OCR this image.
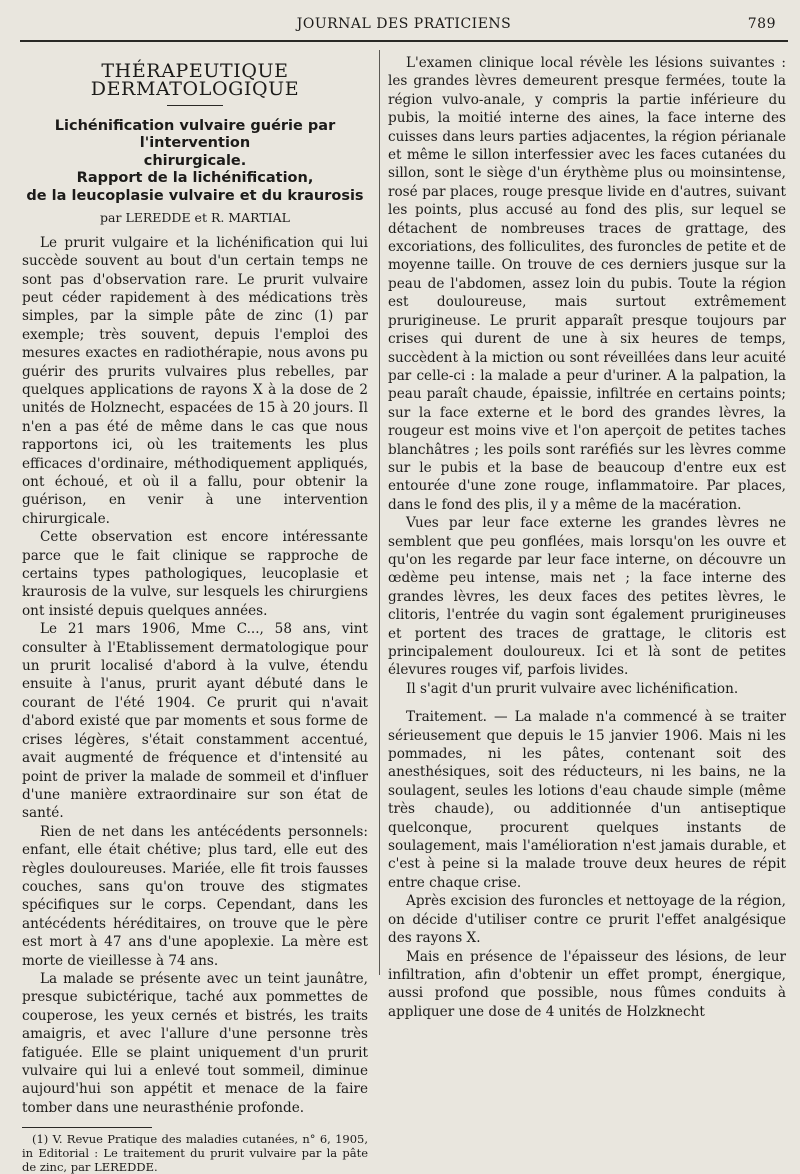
JOURNAL DES PRATICIENS	789
THÉRAPEUTIQUE DERMATOLOGIQUE

Lichénification vulvaire guérie par l'intervention

chirurgicale.

Rapport de la lichénification,

de la leucoplasie vulvaire et du kraurosis

par LEREDDE et R. MARTIAL

Le prurit vulgaire et la lichénification qui lui succède souvent au bout d'un certain temps ne sont pas d'observation rare. Le prurit vulvaire peut céder rapidement à des médications très simples, par la simple pâte de zinc (1) par exemple; très souvent, depuis l'emploi des mesures exactes en radiothérapie, nous avons pu guérir des prurits vulvaires plus rebelles, par quelques applications de rayons X à la dose de 2 unités de Holznecht, espacées de 15 à 20 jours. Il n'en a pas été de même dans le cas que nous rapportons ici, où les traitements les plus efficaces d'ordinaire, méthodiquement appliqués, ont échoué, et où il a fallu, pour obtenir la guérison, en venir à une intervention chirurgicale.

Cette observation est encore intéressante parce que le fait clinique se rapproche de certains types pathologiques, leucoplasie et kraurosis de la vulve, sur lesquels les chirurgiens ont insisté depuis quelques années.

Le 21 mars 1906, Mme C..., 58 ans, vint consulter à l'Etablissement dermatologique pour un prurit localisé d'abord à la vulve, étendu ensuite à l'anus, prurit ayant débuté dans le courant de l'été 1904. Ce prurit qui n'avait d'abord existé que par moments et sous forme de crises légères, s'était constamment accentué, avait augmenté de fréquence et d'intensité au point de priver la malade de sommeil et d'influer d'une manière extraordinaire sur son état de santé.

Rien de net dans les antécédents personnels: enfant, elle était chétive; plus tard, elle eut des règles douloureuses. Mariée, elle fit trois fausses couches, sans qu'on trouve des stigmates spécifiques sur le corps. Cependant, dans les antécédents héréditaires, on trouve que le père est mort à 47 ans d'une apoplexie. La mère est morte de vieillesse à 74 ans.

La malade se présente avec un teint jaunâtre, presque subictérique, taché aux pommettes de couperose, les yeux cernés et bistrés, les traits amaigris, et avec l'allure d'une personne très fatiguée. Elle se plaint uniquement d'un prurit vulvaire qui lui a enlevé tout sommeil, diminue aujourd'hui son appétit et menace de la faire tomber dans une neurasthénie profonde.

(1) V. Revue Pratique des maladies cutanées, n° 6, 1905, in Editorial : Le traitement du prurit vulvaire par la pâte de zinc, par LEREDDE.

L'examen clinique local révèle les lésions suivantes : les grandes lèvres demeurent presque fermées, toute la région vulvo-anale, y compris la partie inférieure du pubis, la moitié interne des aines, la face interne des cuisses dans leurs parties adjacentes, la région périanale et même le sillon interfessier avec les faces cutanées du sillon, sont le siège d'un érythème plus ou moinsintense, rosé par places, rouge presque livide en d'autres, suivant les points, plus accusé au fond des plis, sur lequel se détachent de nombreuses traces de grattage, des excoriations, des folliculites, des furoncles de petite et de moyenne taille. On trouve de ces derniers jusque sur la peau de l'abdomen, assez loin du pubis. Toute la région est douloureuse, mais surtout extrêmement prurigineuse. Le prurit apparaît presque toujours par crises qui durent de une à six heures de temps, succèdent à la miction ou sont réveillées dans leur acuité par celle-ci : la malade a peur d'uriner. A la palpation, la peau paraît chaude, épaissie, infiltrée en certains points; sur la face externe et le bord des grandes lèvres, la rougeur est moins vive et l'on aperçoit de petites taches blanchâtres ; les poils sont raréfiés sur les lèvres comme sur le pubis et la base de beaucoup d'entre eux est entourée d'une zone rouge, inflammatoire. Par places, dans le fond des plis, il y a même de la macération.

Vues par leur face externe les grandes lèvres ne semblent que peu gonflées, mais lorsqu'on les ouvre et qu'on les regarde par leur face interne, on découvre un œdème peu intense, mais net ; la face interne des grandes lèvres, les deux faces des petites lèvres, le clitoris, l'entrée du vagin sont également prurigineuses et portent des traces de grattage, le clitoris est principalement douloureux. Ici et là sont de petites élevures rouges vif, parfois livides.

Il s'agit d'un prurit vulvaire avec lichénification.

Traitement. — La malade n'a commencé à se traiter sérieusement que depuis le 15 janvier 1906. Mais ni les pommades, ni les pâtes, contenant soit des anesthésiques, soit des réducteurs, ni les bains, ne la soulagent, seules les lotions d'eau chaude simple (même très chaude), ou additionnée d'un antiseptique quelconque, procurent quelques instants de soulagement, mais l'amélioration n'est jamais durable, et c'est à peine si la malade trouve deux heures de répit entre chaque crise.

Après excision des furoncles et nettoyage de la région, on décide d'utiliser contre ce prurit l'effet analgésique des rayons X.

Mais en présence de l'épaisseur des lésions, de leur infiltration, afin d'obtenir un effet prompt, énergique, aussi profond que possible, nous fûmes conduits à appliquer une dose de 4 unités de Holzknecht
